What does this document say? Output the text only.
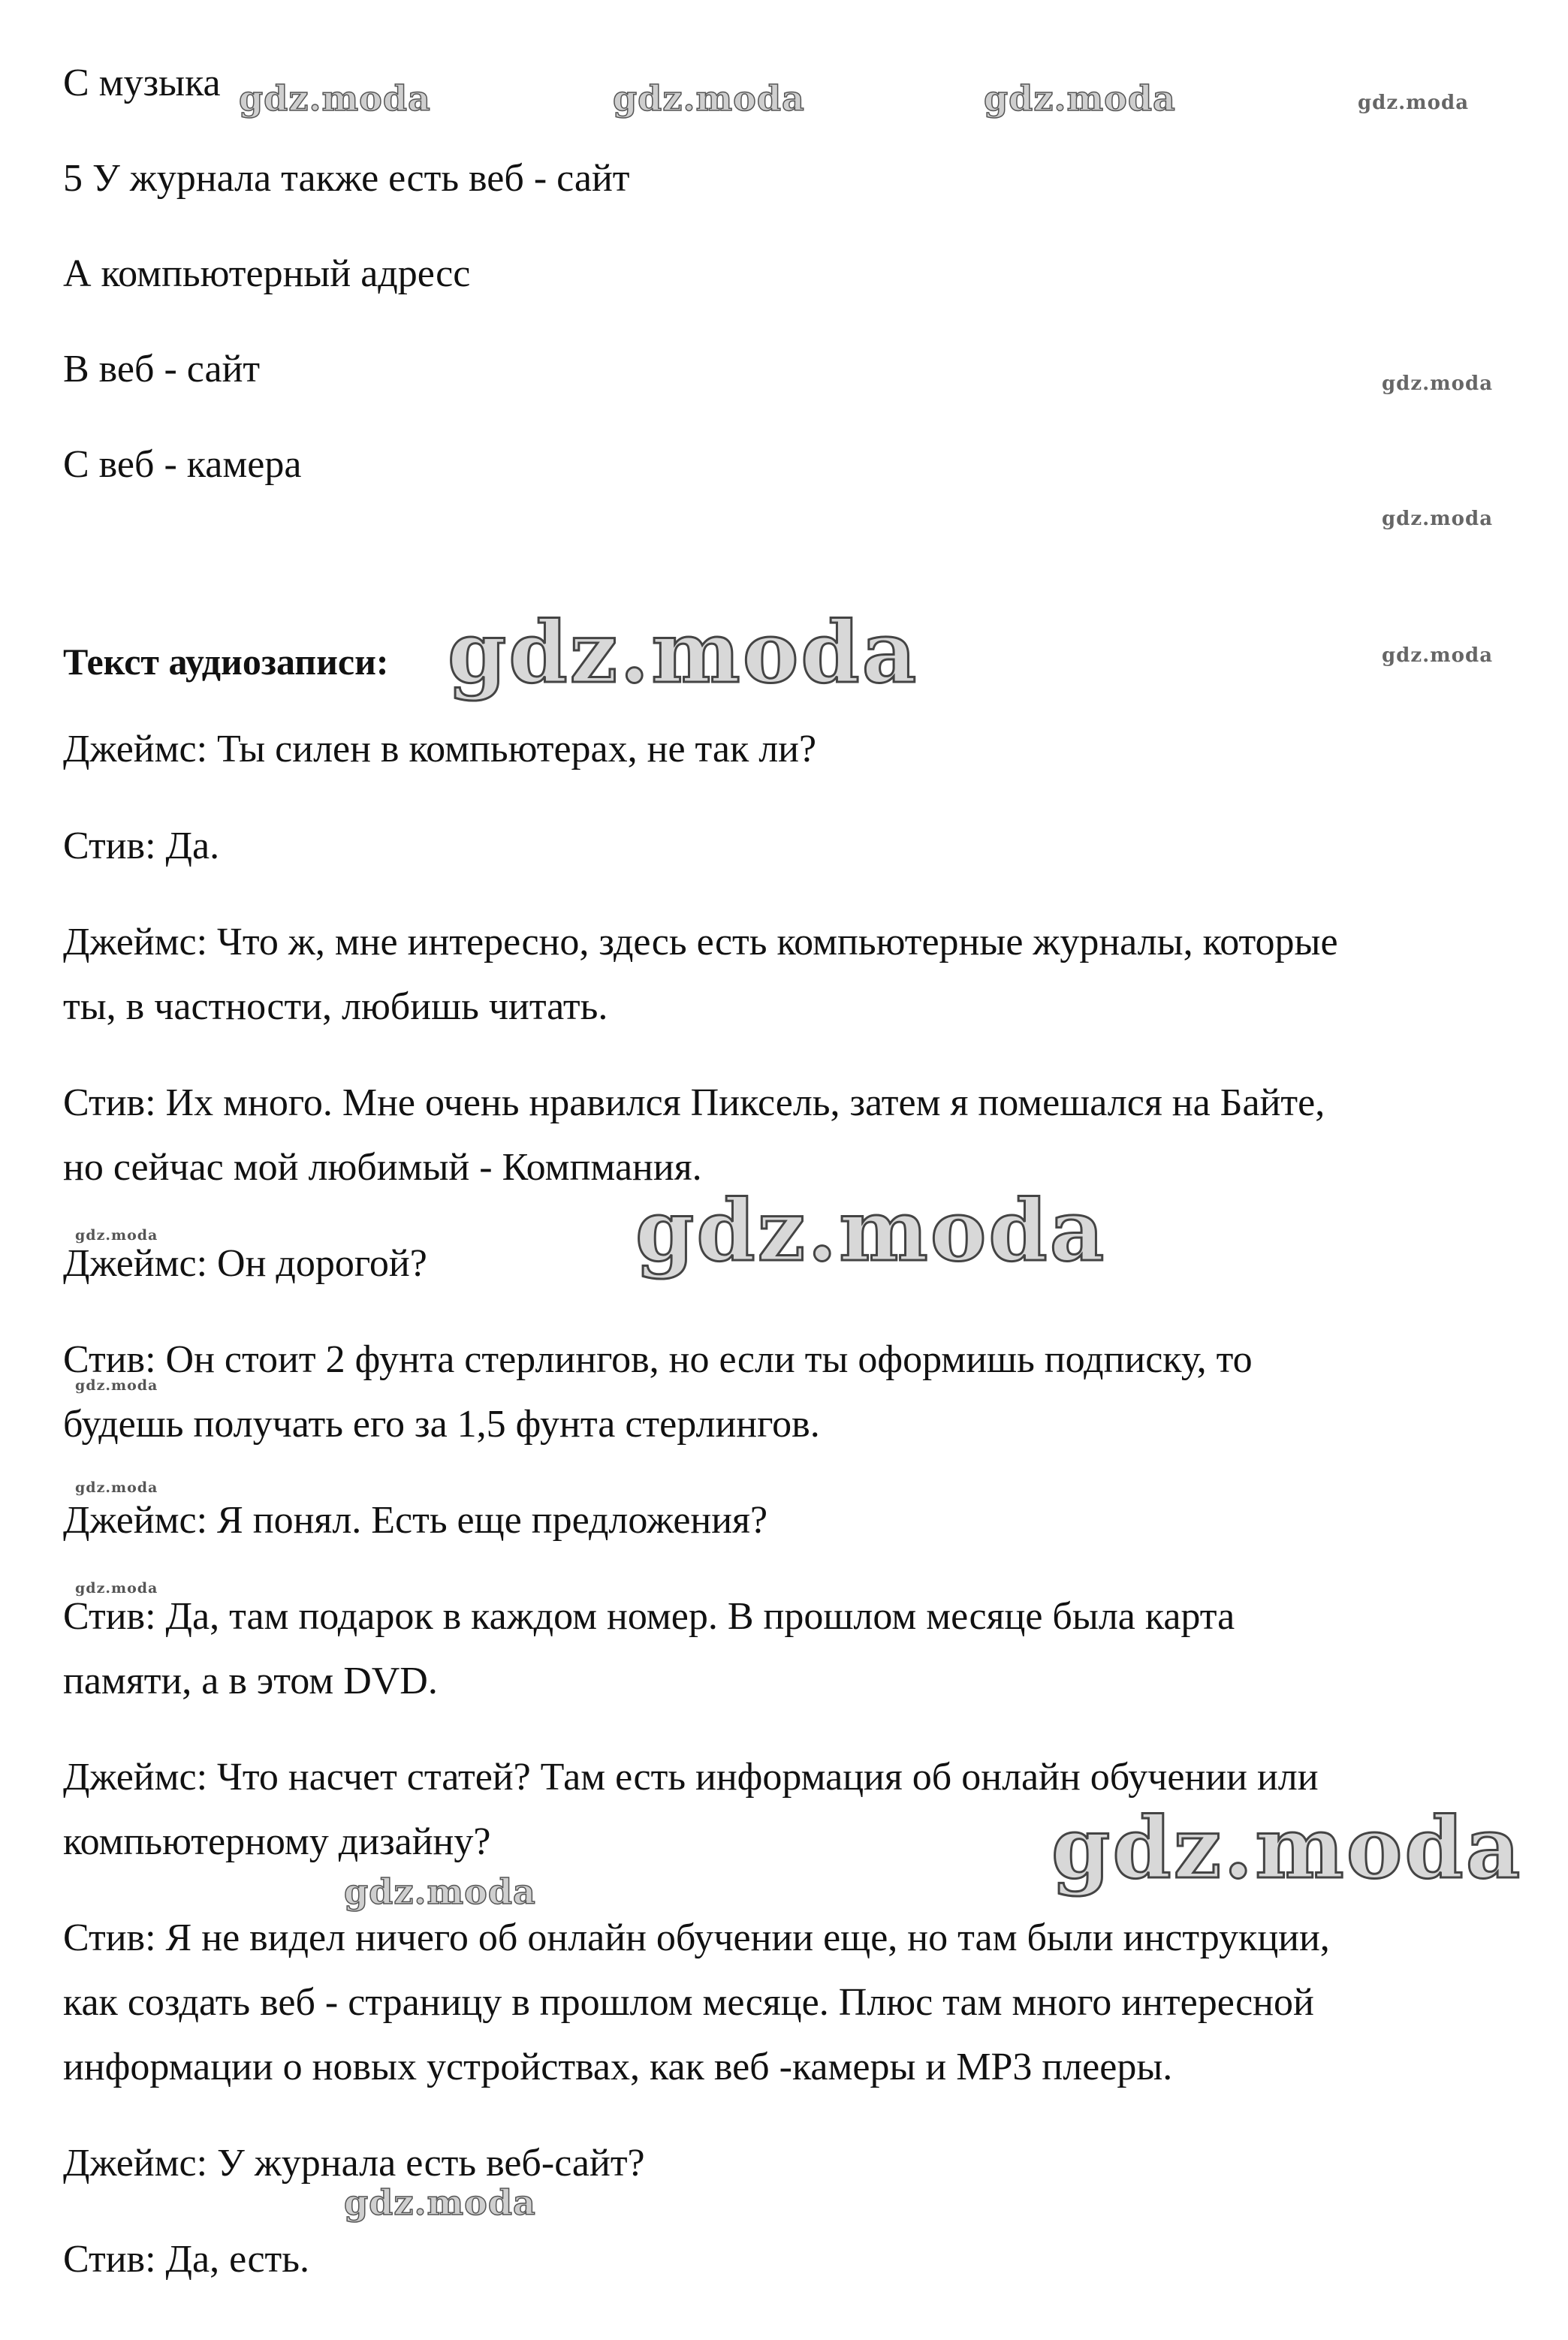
С музыка

5 У журнала также есть веб - сайт

А компьютерный адресс

В веб - сайт

С веб - камера

Текст аудиозаписи:

Джеймс: Ты силен в компьютерах, не так ли?

Стив: Да.

Джеймс: Что ж, мне интересно, здесь есть компьютерные журналы, которые

ты, в частности, любишь читать.

Стив: Их много. Мне очень нравился Пиксель, затем я помешался на Байте,

но сейчас мой любимый - Компмания.

Джеймс: Он дорогой?

Стив: Он стоит 2 фунта стерлингов, но если ты оформишь подписку, то

будешь получать его за 1,5 фунта стерлингов.

Джеймс: Я понял. Есть еще предложения?

Стив: Да, там подарок в каждом номер. В прошлом месяце была карта

памяти, а в этом DVD.

Джеймс: Что насчет статей? Там есть информация об онлайн обучении или

компьютерному дизайну?

Стив: Я не видел ничего об онлайн обучении еще, но там были инструкции,

как создать веб - страницу в прошлом месяце. Плюс там много интересной

информации о новых устройствах, как веб -камеры и MP3 плееры.

Джеймс: У журнала есть веб-сайт?

Стив: Да, есть.

gdz.moda	gdz.moda	gdz.moda	gdz.moda
gdz.moda
gdz.moda
gdz.moda
gdz.moda
gdz.moda
gdz.moda
gdz.moda
gdz.moda
gdz.moda
gdz.moda
gdz.moda
gdz.moda
